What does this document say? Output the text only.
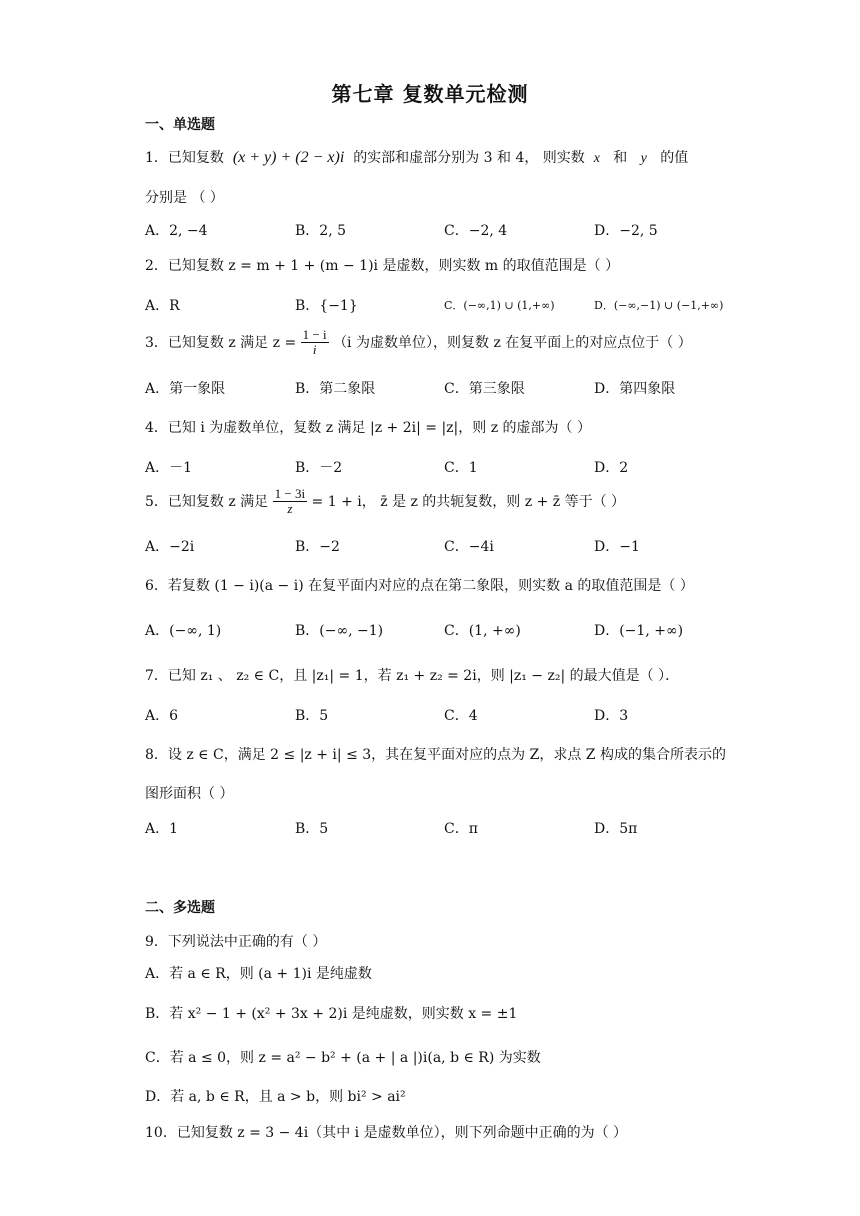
第七章 复数单元检测
一、单选题
1．已知复数 (x + y) + (2 − x)i 的实部和虚部分别为 3 和 4， 则实数 x 和 y 的值
分别是 （ ）
A．2, −4	B．2, 5	C．−2, 4	D．−2, 5
2．已知复数 z = m + 1 + (m − 1)i 是虚数，则实数 m 的取值范围是（ ）
A．R	B．{−1}	C．(−∞,1) ∪ (1,+∞)	D．(−∞,−1) ∪ (−1,+∞)
3．已知复数 z 满足 $z = \frac{1 - i}{i} (i$ 为虚数单位），则复数 z 在复平面上的对应点位于（ ）
A．第一象限	B．第二象限	C．第三象限	D．第四象限
4．已知 i 为虚数单位，复数 z 满足 |z + 2i| = |z|，则 z 的虚部为（ ）
A．－1	B．－2	C．1	D．2
5．已知复数 z 满足 $\frac{1 - 3i}{z} = 1 + i$， z̄ 是 z 的共轭复数，则 z + z̄ 等于（ ）
A．−2i	B．−2	C．−4i	D．−1
6．若复数 (1 − i)(a − i) 在复平面内对应的点在第二象限，则实数 a 的取值范围是（ ）
A．(−∞, 1)	B．(−∞, −1)	C．(1, +∞)	D．(−1, +∞)
7．已知 z₁ 、 z₂ ∈ C，且 |z₁| = 1，若 z₁ + z₂ = 2i，则 |z₁ − z₂| 的最大值是（ ）．
A．6	B．5	C．4	D．3
8．设 z ∈ C，满足 2 ≤ |z + i| ≤ 3，其在复平面对应的点为 Z，求点 Z 构成的集合所表示的
图形面积（ ）
A．1	B．5	C．π	D．5π
二、多选题
9．下列说法中正确的有（ ）
A．若 a ∈ R，则 (a + 1)i 是纯虚数
B．若 x² − 1 + (x² + 3x + 2)i 是纯虚数，则实数 x = ±1
C．若 a ≤ 0，则 z = a² − b² + (a + | a |)i(a, b ∈ R) 为实数
D．若 a, b ∈ R，且 a > b，则 bi² > ai²
10．已知复数 z = 3 − 4i（其中 i 是虚数单位），则下列命题中正确的为（ ）
